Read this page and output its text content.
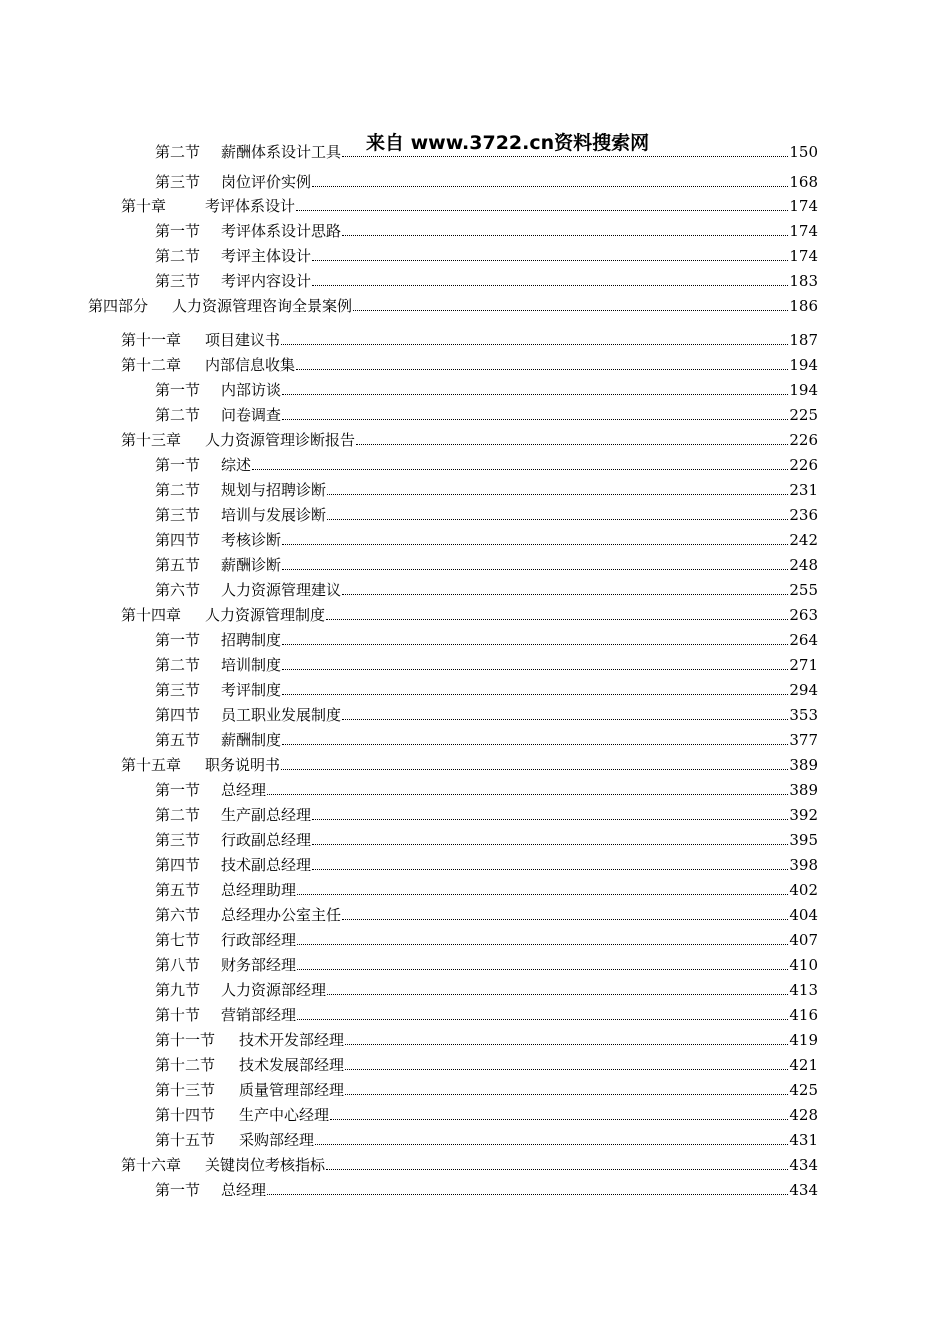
来自 www.3722.cn资料搜索网
第二节	薪酬体系设计工具	150
第三节	岗位评价实例	168
第十章	考评体系设计	174
第一节	考评体系设计思路	174
第二节	考评主体设计	174
第三节	考评内容设计	183
第四部分	人力资源管理咨询全景案例	186
第十一章	项目建议书	187
第十二章	内部信息收集	194
第一节	内部访谈	194
第二节	问卷调查	225
第十三章	人力资源管理诊断报告	226
第一节	综述	226
第二节	规划与招聘诊断	231
第三节	培训与发展诊断	236
第四节	考核诊断	242
第五节	薪酬诊断	248
第六节	人力资源管理建议	255
第十四章	人力资源管理制度	263
第一节	招聘制度	264
第二节	培训制度	271
第三节	考评制度	294
第四节	员工职业发展制度	353
第五节	薪酬制度	377
第十五章	职务说明书	389
第一节	总经理	389
第二节	生产副总经理	392
第三节	行政副总经理	395
第四节	技术副总经理	398
第五节	总经理助理	402
第六节	总经理办公室主任	404
第七节	行政部经理	407
第八节	财务部经理	410
第九节	人力资源部经理	413
第十节	营销部经理	416
第十一节	技术开发部经理	419
第十二节	技术发展部经理	421
第十三节	质量管理部经理	425
第十四节	生产中心经理	428
第十五节	采购部经理	431
第十六章	关键岗位考核指标	434
第一节	总经理	434
